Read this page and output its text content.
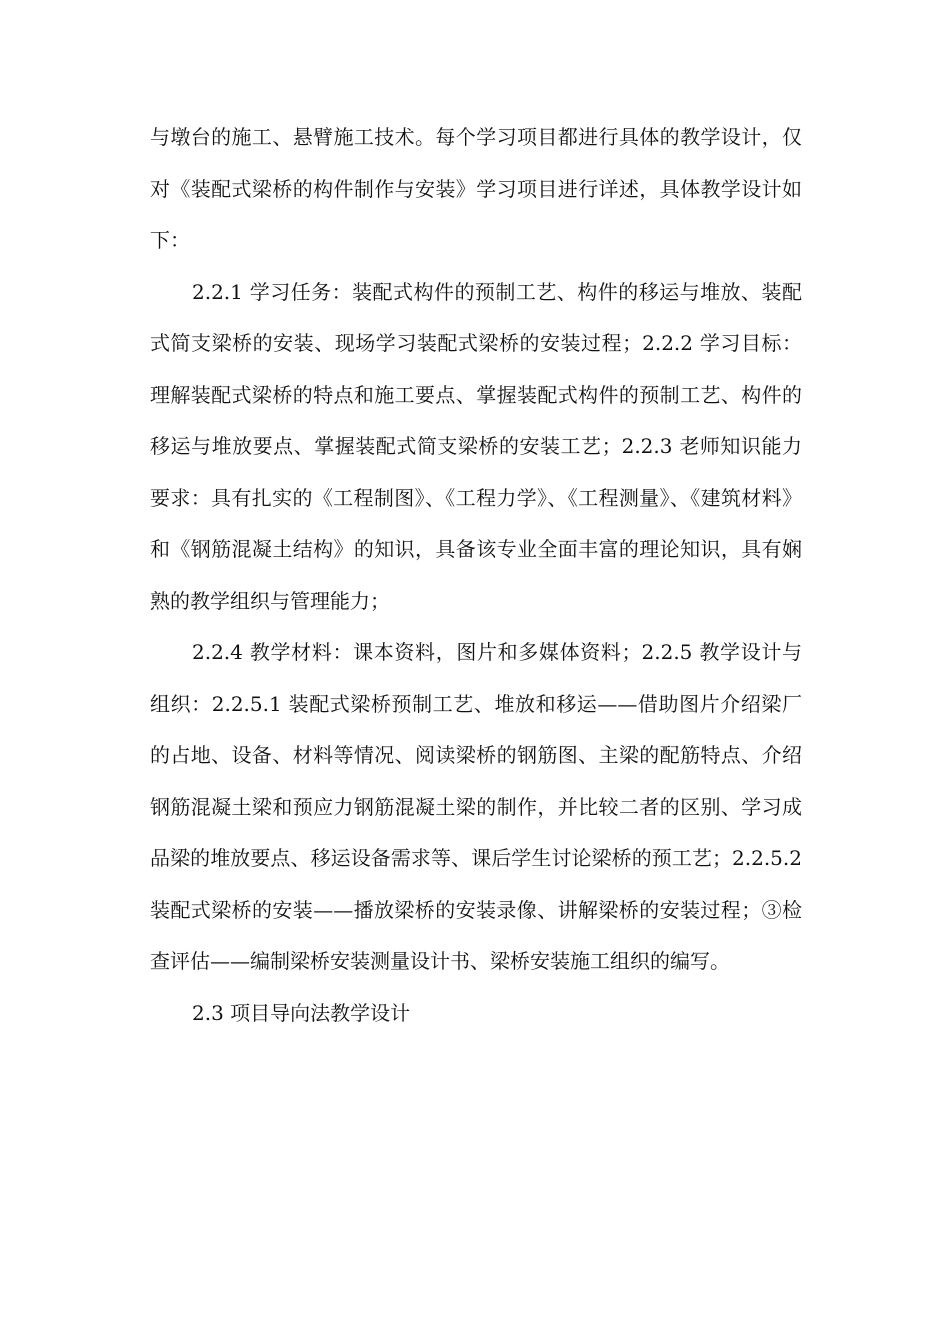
与墩台的施工、悬臂施工技术。每个学习项目都进行具体的教学设计，仅对《装配式梁桥的构件制作与安装》学习项目进行详述，具体教学设计如下：

2.2.1 学习任务：装配式构件的预制工艺、构件的移运与堆放、装配式简支梁桥的安装、现场学习装配式梁桥的安装过程；2.2.2 学习目标：理解装配式梁桥的特点和施工要点、掌握装配式构件的预制工艺、构件的移运与堆放要点、掌握装配式简支梁桥的安装工艺；2.2.3 老师知识能力要求：具有扎实的《工程制图》、《工程力学》、《工程测量》、《建筑材料》和《钢筋混凝土结构》的知识，具备该专业全面丰富的理论知识，具有娴熟的教学组织与管理能力；

2.2.4 教学材料：课本资料，图片和多媒体资料；2.2.5 教学设计与组织：2.2.5.1 装配式梁桥预制工艺、堆放和移运——借助图片介绍梁厂的占地、设备、材料等情况、阅读梁桥的钢筋图、主梁的配筋特点、介绍钢筋混凝土梁和预应力钢筋混凝土梁的制作，并比较二者的区别、学习成品梁的堆放要点、移运设备需求等、课后学生讨论梁桥的预工艺；2.2.5.2 装配式梁桥的安装——播放梁桥的安装录像、讲解梁桥的安装过程；③检查评估——编制梁桥安装测量设计书、梁桥安装施工组织的编写。

2.3 项目导向法教学设计
